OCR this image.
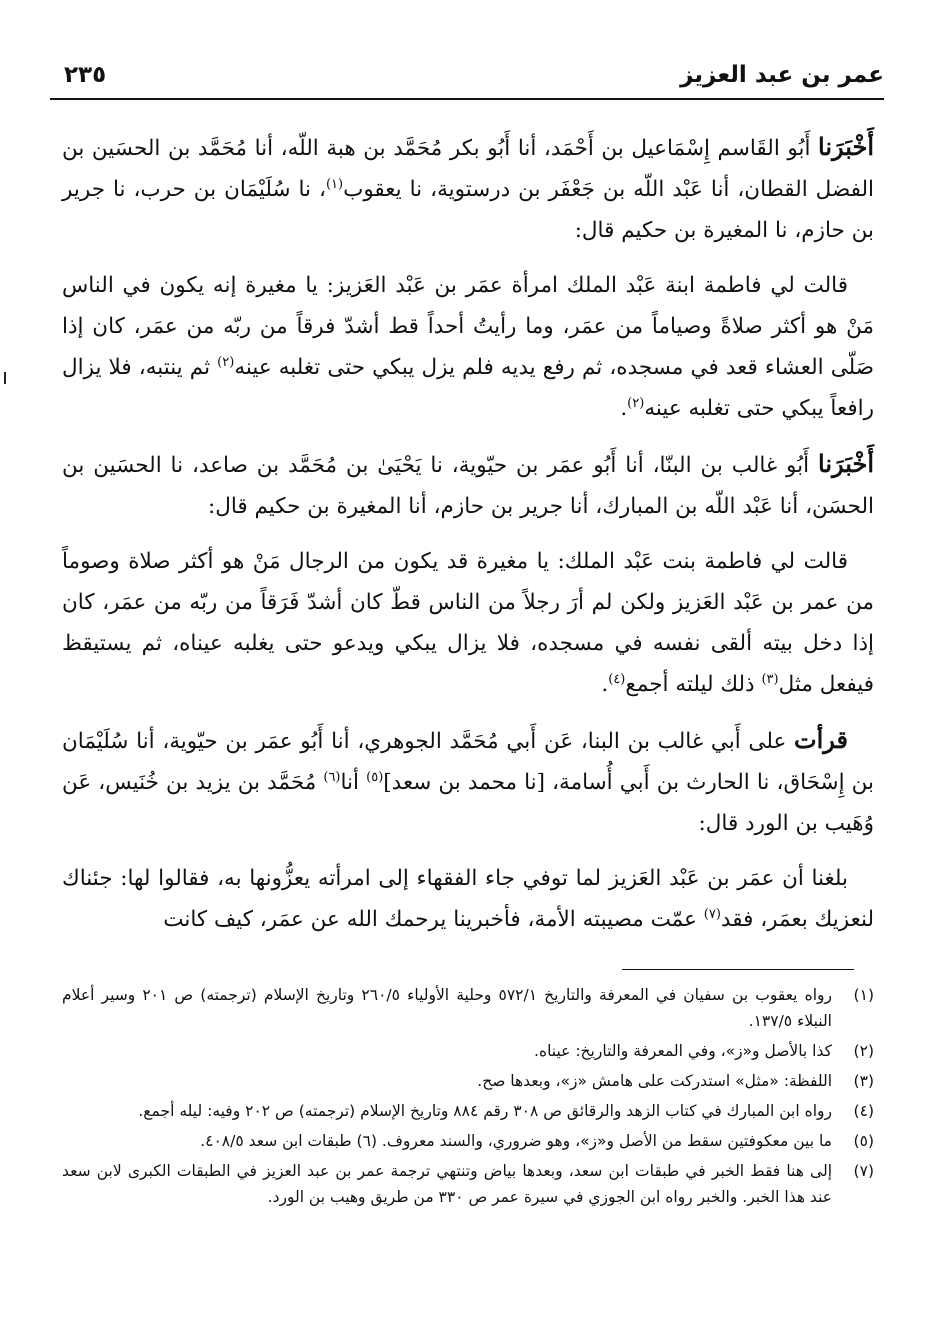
عمر بن عبد العزيز
٢٣٥

أَخْبَرَنا أَبُو القَاسم إِسْمَاعيل بن أَحْمَد، أنا أَبُو بكر مُحَمَّد بن هبة اللّه، أنا مُحَمَّد بن الحسَين بن الفضل القطان، أنا عَبْد اللّه بن جَعْفَر بن درستوية، نا يعقوب$^{(١)}$، نا سُلَيْمَان بن حرب، نا جرير بن حازم، نا المغيرة بن حكيم قال:

قالت لي فاطمة ابنة عَبْد الملك امرأة عمَر بن عَبْد العَزيز: يا مغيرة إنه يكون في الناس مَنْ هو أكثر صلاةً وصياماً من عمَر، وما رأيتُ أحداً قط أشدّ فرقاً من ربّه من عمَر، كان إذا صَلّى العشاء قعد في مسجده، ثم رفع يديه فلم يزل يبكي حتى تغلبه عينه$^{(٢)}$ ثم ينتبه، فلا يزال رافعاً يبكي حتى تغلبه عينه$^{(٢)}$.

أَخْبَرَنا أَبُو غالب بن البنّا، أنا أَبُو عمَر بن حيّوية، نا يَحْيَىٰ بن مُحَمَّد بن صاعد، نا الحسَين بن الحسَن، أنا عَبْد اللّه بن المبارك، أنا جرير بن حازم، أنا المغيرة بن حكيم قال:

قالت لي فاطمة بنت عَبْد الملك: يا مغيرة قد يكون من الرجال مَنْ هو أكثر صلاة وصوماً من عمر بن عَبْد العَزيز ولكن لم أرَ رجلاً من الناس قطّ كان أشدّ فَرَقاً من ربّه من عمَر، كان إذا دخل بيته ألقى نفسه في مسجده، فلا يزال يبكي ويدعو حتى يغلبه عيناه، ثم يستيقظ فيفعل مثل$^{(٣)}$ ذلك ليلته أجمع$^{(٤)}$.

قرأت على أَبي غالب بن البنا، عَن أَبي مُحَمَّد الجوهري، أنا أَبُو عمَر بن حيّوية، أنا سُلَيْمَان بن إِسْحَاق، نا الحارث بن أَبي أُسامة، [نا محمد بن سعد]$^{(٥)}$ أنا$^{(٦)}$ مُحَمَّد بن يزيد بن خُنَيس، عَن وُهَيب بن الورد قال:

بلغنا أن عمَر بن عَبْد العَزيز لما توفي جاء الفقهاء إلى امرأته يعزُّونها به، فقالوا لها: جئناك لنعزيك بعمَر، فقد$^{(٧)}$ عمّت مصيبته الأمة، فأخبرينا يرحمك الله عن عمَر، كيف كانت

(١)
رواه يعقوب بن سفيان في المعرفة والتاريخ ٥٧٢/١ وحلية الأولياء ٢٦٠/٥ وتاريخ الإسلام (ترجمته) ص ٢٠١ وسير أعلام النبلاء ١٣٧/٥.
(٢)
كذا بالأصل و«ز»، وفي المعرفة والتاريخ: عيناه.
(٣)
اللفظة: «مثل» استدركت على هامش «ز»، وبعدها صح.
(٤)
رواه ابن المبارك في كتاب الزهد والرقائق ص ٣٠٨ رقم ٨٨٤ وتاريخ الإسلام (ترجمته) ص ٢٠٢ وفيه: ليله أجمع.
(٥)
ما بين معكوفتين سقط من الأصل و«ز»، وهو ضروري، والسند معروف. (٦) طبقات ابن سعد ٤٠٨/٥.
(٧)
إلى هنا فقط الخبر في طبقات ابن سعد، وبعدها بياض وتنتهي ترجمة عمر بن عبد العزيز في الطبقات الكبرى لابن سعد عند هذا الخبر. والخبر رواه ابن الجوزي في سيرة عمر ص ٣٣٠ من طريق وهيب بن الورد.
